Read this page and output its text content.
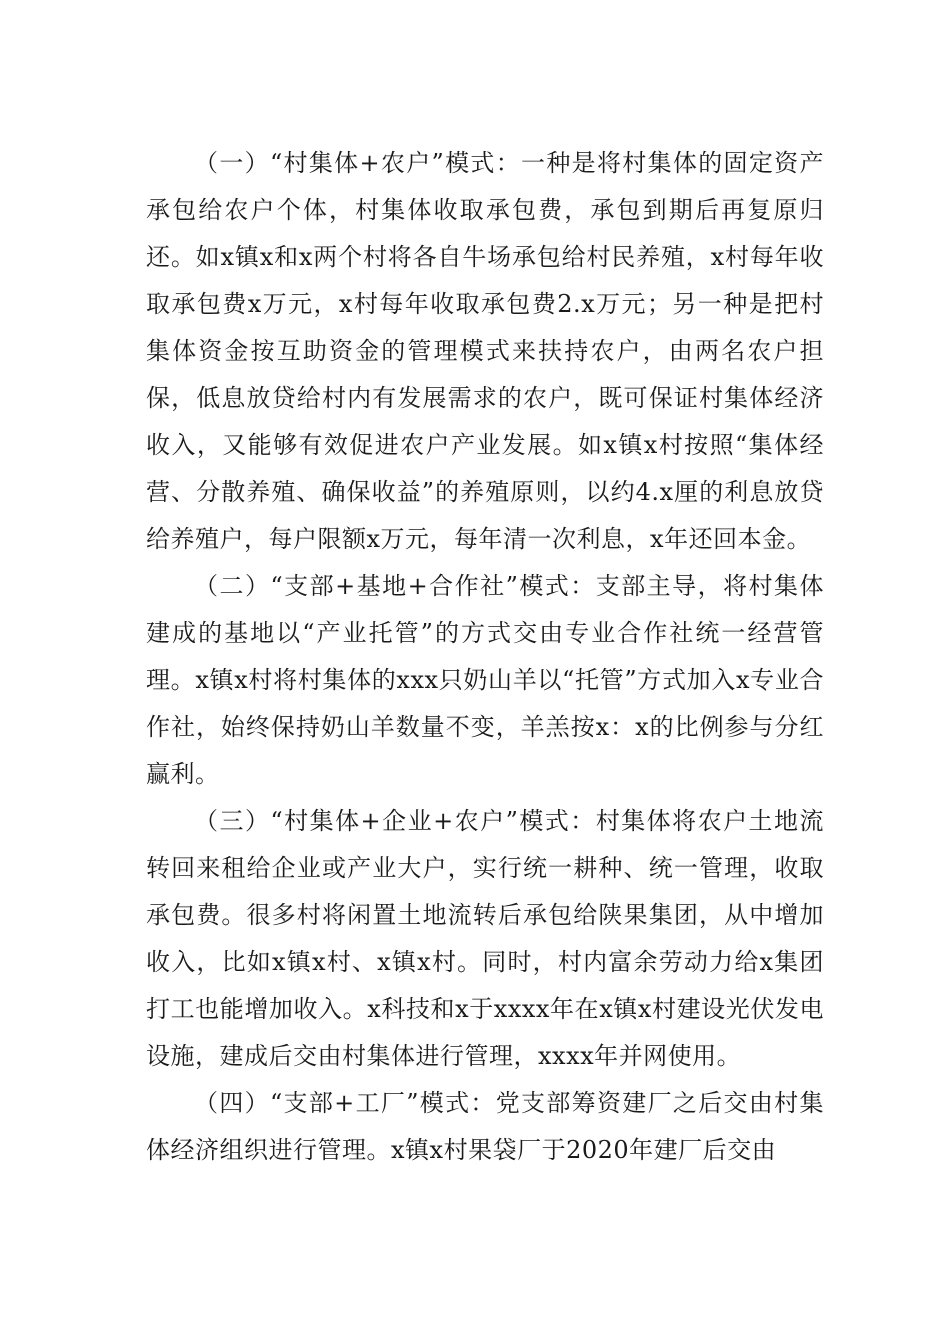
（一）“村集体+农户”模式：一种是将村集体的固定资产承包给农户个体，村集体收取承包费，承包到期后再复原归还。如x镇x和x两个村将各自牛场承包给村民养殖，x村每年收取承包费x万元，x村每年收取承包费2.x万元；另一种是把村集体资金按互助资金的管理模式来扶持农户，由两名农户担保，低息放贷给村内有发展需求的农户，既可保证村集体经济收入，又能够有效促进农户产业发展。如x镇x村按照“集体经营、分散养殖、确保收益”的养殖原则，以约4.x厘的利息放贷给养殖户，每户限额x万元，每年清一次利息，x年还回本金。

（二）“支部+基地+合作社”模式：支部主导，将村集体建成的基地以“产业托管”的方式交由专业合作社统一经营管理。x镇x村将村集体的xxx只奶山羊以“托管”方式加入x专业合作社，始终保持奶山羊数量不变，羊羔按x：x的比例参与分红赢利。

（三）“村集体+企业+农户”模式：村集体将农户土地流转回来租给企业或产业大户，实行统一耕种、统一管理，收取承包费。很多村将闲置土地流转后承包给陕果集团，从中增加收入，比如x镇x村、x镇x村。同时，村内富余劳动力给x集团打工也能增加收入。x科技和x于xxxx年在x镇x村建设光伏发电设施，建成后交由村集体进行管理，xxxx年并网使用。

（四）“支部+工厂”模式：党支部筹资建厂之后交由村集体经济组织进行管理。x镇x村果袋厂于2020年建厂后交由
